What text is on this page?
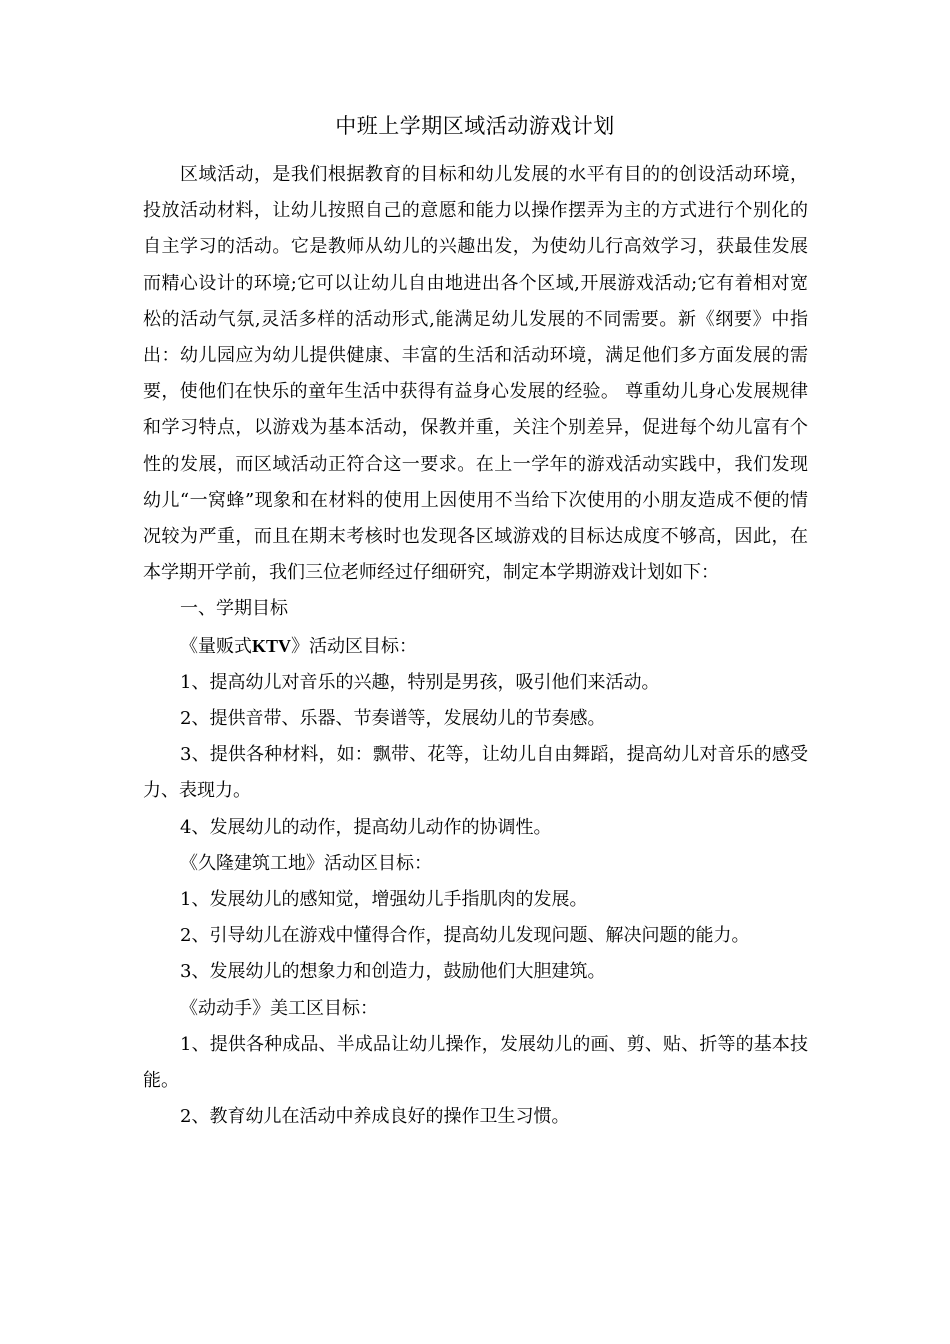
中班上学期区域活动游戏计划

区域活动，是我们根据教育的目标和幼儿发展的水平有目的的创设活动环境，投放活动材料，让幼儿按照自己的意愿和能力以操作摆弄为主的方式进行个别化的自主学习的活动。它是教师从幼儿的兴趣出发，为使幼儿行高效学习，获最佳发展而精心设计的环境;它可以让幼儿自由地进出各个区域,开展游戏活动;它有着相对宽松的活动气氛,灵活多样的活动形式,能满足幼儿发展的不同需要。新《纲要》中指出：幼儿园应为幼儿提供健康、丰富的生活和活动环境，满足他们多方面发展的需要，使他们在快乐的童年生活中获得有益身心发展的经验。 尊重幼儿身心发展规律和学习特点，以游戏为基本活动，保教并重，关注个别差异，促进每个幼儿富有个性的发展，而区域活动正符合这一要求。在上一学年的游戏活动实践中，我们发现幼儿“一窝蜂”现象和在材料的使用上因使用不当给下次使用的小朋友造成不便的情况较为严重，而且在期末考核时也发现各区域游戏的目标达成度不够高，因此，在本学期开学前，我们三位老师经过仔细研究，制定本学期游戏计划如下：

一、学期目标

《量贩式KTV》活动区目标：

1、提高幼儿对音乐的兴趣，特别是男孩，吸引他们来活动。

2、提供音带、乐器、节奏谱等，发展幼儿的节奏感。

3、提供各种材料，如：飘带、花等，让幼儿自由舞蹈，提高幼儿对音乐的感受力、表现力。

4、发展幼儿的动作，提高幼儿动作的协调性。

《久隆建筑工地》活动区目标：

1、发展幼儿的感知觉，增强幼儿手指肌肉的发展。

2、引导幼儿在游戏中懂得合作，提高幼儿发现问题、解决问题的能力。

3、发展幼儿的想象力和创造力，鼓励他们大胆建筑。

《动动手》美工区目标：

1、提供各种成品、半成品让幼儿操作，发展幼儿的画、剪、贴、折等的基本技能。

2、教育幼儿在活动中养成良好的操作卫生习惯。
